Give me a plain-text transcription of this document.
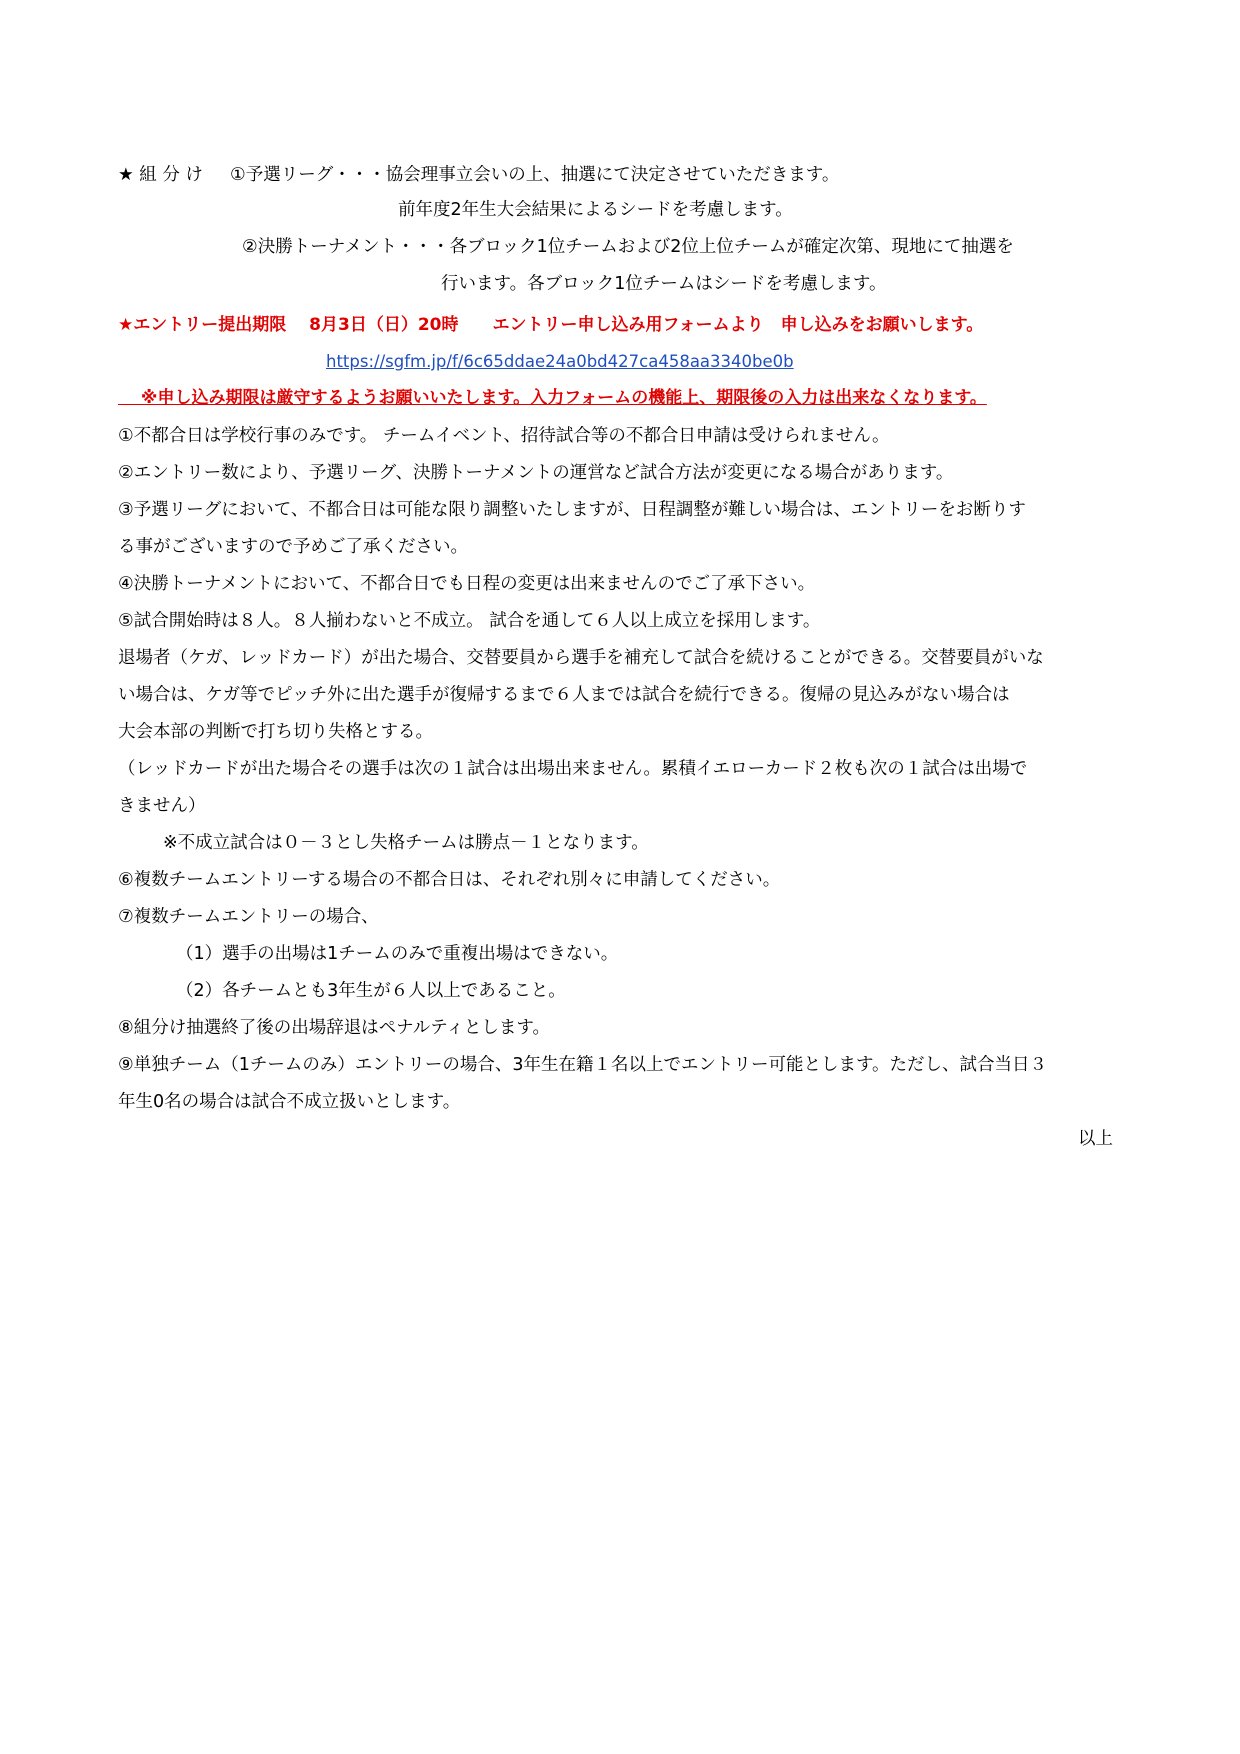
★ 組 分 け ①予選リーグ・・・協会理事立会いの上、抽選にて決定させていただきます。
前年度2年生大会結果によるシードを考慮します。
②決勝トーナメント・・・各ブロック1位チームおよび2位上位チームが確定次第、現地にて抽選を
行います。各ブロック1位チームはシードを考慮します。
★エントリー提出期限　 8月3日（日）20時　　エントリー申し込み用フォームより　申し込みをお願いします。
https://sgfm.jp/f/6c65ddae24a0bd427ca458aa3340be0b
　 ※申し込み期限は厳守するようお願いいたします。入力フォームの機能上、期限後の入力は出来なくなります。
①不都合日は学校行事のみです。 チームイベント、招待試合等の不都合日申請は受けられません。
②エントリー数により、予選リーグ、決勝トーナメントの運営など試合方法が変更になる場合があります。
③予選リーグにおいて、不都合日は可能な限り調整いたしますが、日程調整が難しい場合は、エントリーをお断りす
る事がございますので予めご了承ください。
④決勝トーナメントにおいて、不都合日でも日程の変更は出来ませんのでご了承下さい。
⑤試合開始時は８人。８人揃わないと不成立。 試合を通して６人以上成立を採用します。
退場者（ケガ、レッドカード）が出た場合、交替要員から選手を補充して試合を続けることができる。交替要員がいな
い場合は、ケガ等でピッチ外に出た選手が復帰するまで６人までは試合を続行できる。復帰の見込みがない場合は
大会本部の判断で打ち切り失格とする。
（レッドカードが出た場合その選手は次の１試合は出場出来ません。累積イエローカード２枚も次の１試合は出場で
きません）
※不成立試合は０－３とし失格チームは勝点－１となります。
⑥複数チームエントリーする場合の不都合日は、それぞれ別々に申請してください。
⑦複数チームエントリーの場合、
（1）選手の出場は1チームのみで重複出場はできない。
（2）各チームとも3年生が６人以上であること。
⑧組分け抽選終了後の出場辞退はペナルティとします。
⑨単独チーム（1チームのみ）エントリーの場合、3年生在籍１名以上でエントリー可能とします。ただし、試合当日３
年生0名の場合は試合不成立扱いとします。
以上
